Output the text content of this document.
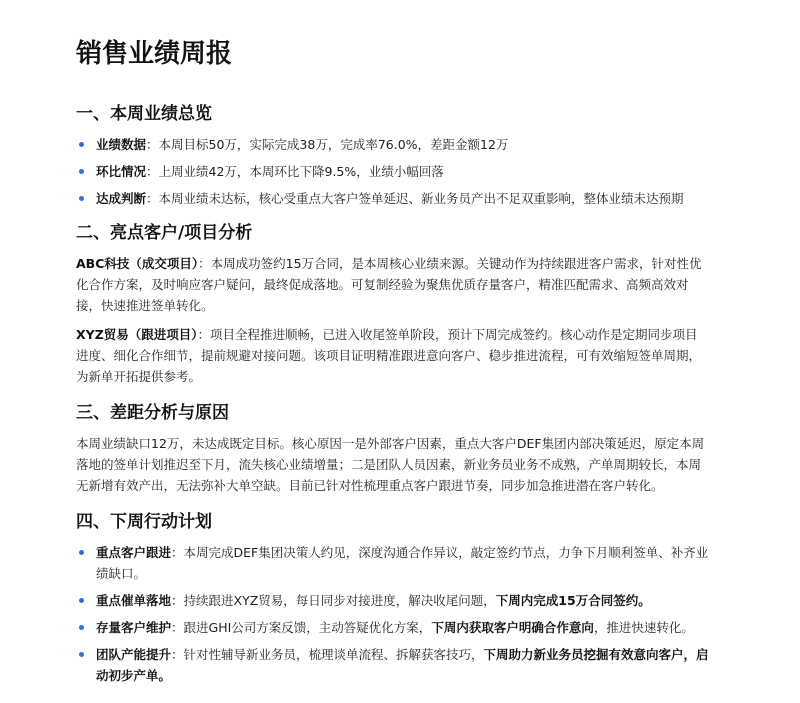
销售业绩周报
一、本周业绩总览
业绩数据：本周目标50万，实际完成38万，完成率76.0%，差距金额12万
环比情况：上周业绩42万，本周环比下降9.5%，业绩小幅回落
达成判断：本周业绩未达标，核心受重点大客户签单延迟、新业务员产出不足双重影响，整体业绩未达预期
二、亮点客户/项目分析

ABC科技（成交项目）：本周成功签约15万合同，是本周核心业绩来源。关键动作为持续跟进客户需求，针对性优化合作方案，及时响应客户疑问，最终促成落地。可复制经验为聚焦优质存量客户，精准匹配需求、高频高效对接，快速推进签单转化。

XYZ贸易（跟进项目）：项目全程推进顺畅，已进入收尾签单阶段，预计下周完成签约。核心动作是定期同步项目进度、细化合作细节，提前规避对接问题。该项目证明精准跟进意向客户、稳步推进流程，可有效缩短签单周期，为新单开拓提供参考。

三、差距分析与原因

本周业绩缺口12万，未达成既定目标。核心原因一是外部客户因素，重点大客户DEF集团内部决策延迟，原定本周落地的签单计划推迟至下月，流失核心业绩增量；二是团队人员因素，新业务员业务不成熟，产单周期较长，本周无新增有效产出，无法弥补大单空缺。目前已针对性梳理重点客户跟进节奏，同步加急推进潜在客户转化。

四、下周行动计划
重点客户跟进：本周完成DEF集团决策人约见，深度沟通合作异议，敲定签约节点，力争下月顺利签单、补齐业绩缺口。
重点催单落地：持续跟进XYZ贸易，每日同步对接进度，解决收尾问题，下周内完成15万合同签约。
存量客户维护：跟进GHI公司方案反馈，主动答疑优化方案，下周内获取客户明确合作意向，推进快速转化。
团队产能提升：针对性辅导新业务员，梳理谈单流程、拆解获客技巧，下周助力新业务员挖掘有效意向客户，启动初步产单。
